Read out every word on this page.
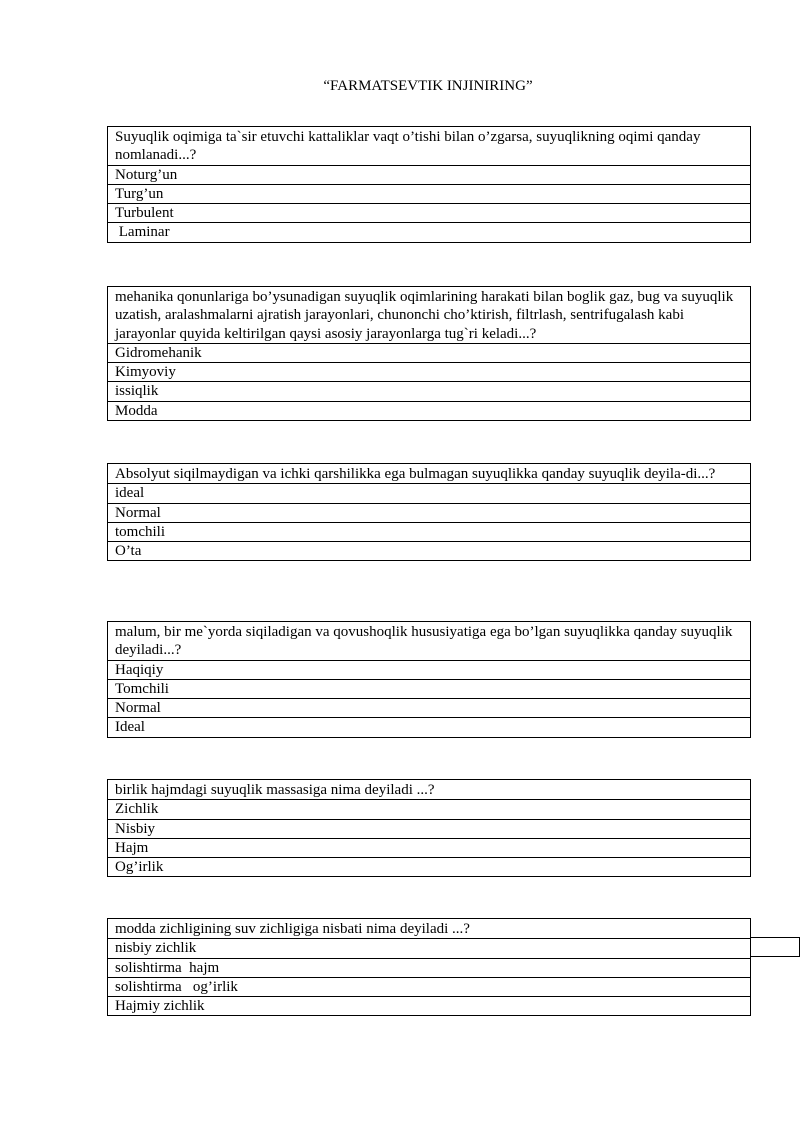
“FARMATSEVTIK INJINIRING”
Suyuqlik oqimiga ta`sir etuvchi kattaliklar vaqt o’tishi bilan o’zgarsa, suyuqlikning oqimi qanday nomlanadi...?
Noturg’un
Turg’un
Turbulent
Laminar
mehanika qonunlariga bo’ysunadigan suyuqlik oqimlarining harakati bilan boglik gaz, bug va suyuqlik uzatish, aralashmalarni ajratish jarayonlari, chunonchi cho’ktirish, filtrlash, sentrifugalash kabi jarayonlar quyida keltirilgan qaysi asosiy jarayonlarga tug`ri keladi...?
Gidromehanik
Kimyoviy
issiqlik
Modda
Absolyut siqilmaydigan va ichki qarshilikka ega bulmagan suyuqlikka qanday suyuqlik deyila-di...?
ideal
Normal
tomchili
O’ta
malum, bir me`yorda siqiladigan va qovushoqlik hususiyatiga ega bo’lgan suyuqlikka qanday suyuqlik deyiladi...?
Haqiqiy
Tomchili
Normal
Ideal
birlik hajmdagi suyuqlik massasiga nima deyiladi ...?
Zichlik
Nisbiy
Hajm
Og’irlik
modda zichligining suv zichligiga nisbati nima deyiladi ...?
nisbiy zichlik
solishtirma  hajm
solishtirma   og’irlik
Hajmiy zichlik
